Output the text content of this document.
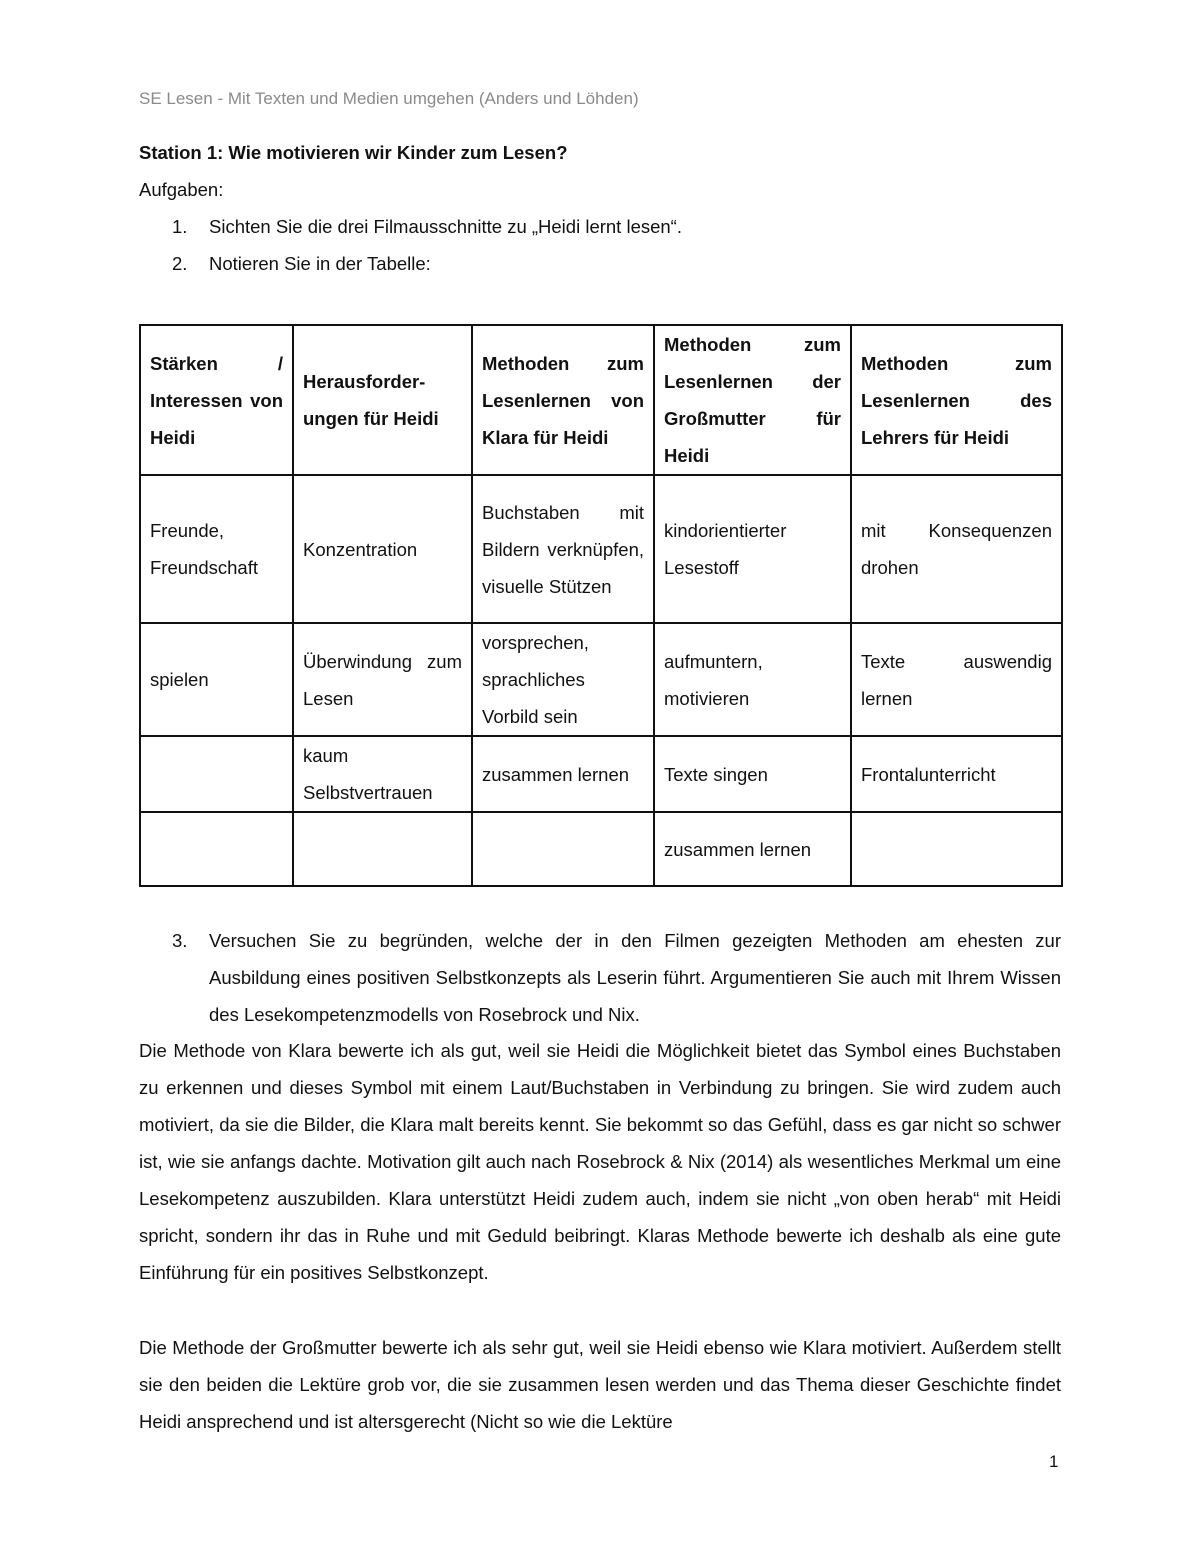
SE Lesen - Mit Texten und Medien umgehen (Anders und Löhden)
Station 1: Wie motivieren wir Kinder zum Lesen?
Aufgaben:
1. Sichten Sie die drei Filmausschnitte zu „Heidi lernt lesen“.
2. Notieren Sie in der Tabelle:
Stärken / Interessen von Heidi	Herausforder-ungen für Heidi	Methoden zum Lesenlernen von Klara für Heidi	Methoden zum Lesenlernen der Großmutter für Heidi	Methoden zum Lesenlernen des Lehrers für Heidi
Freunde, Freundschaft	Konzentration	Buchstaben mit Bildern verknüpfen, visuelle Stützen	kindorientierter Lesestoff	mit Konsequenzen drohen
spielen	Überwindung zum Lesen	vorsprechen, sprachliches Vorbild sein	aufmuntern, motivieren	Texte auswendig lernen
	kaum Selbstvertrauen	zusammen lernen	Texte singen	Frontalunterricht
			zusammen lernen	
3. Versuchen Sie zu begründen, welche der in den Filmen gezeigten Methoden am ehesten zur Ausbildung eines positiven Selbstkonzepts als Leserin führt. Argumentieren Sie auch mit Ihrem Wissen des Lesekompetenzmodells von Rosebrock und Nix.
Die Methode von Klara bewerte ich als gut, weil sie Heidi die Möglichkeit bietet das Symbol eines Buchstaben zu erkennen und dieses Symbol mit einem Laut/Buchstaben in Verbindung zu bringen. Sie wird zudem auch motiviert, da sie die Bilder, die Klara malt bereits kennt. Sie bekommt so das Gefühl, dass es gar nicht so schwer ist, wie sie anfangs dachte. Motivation gilt auch nach Rosebrock & Nix (2014) als wesentliches Merkmal um eine Lesekompetenz auszubilden. Klara unterstützt Heidi zudem auch, indem sie nicht „von oben herab“ mit Heidi spricht, sondern ihr das in Ruhe und mit Geduld beibringt. Klaras Methode bewerte ich deshalb als eine gute Einführung für ein positives Selbstkonzept.
Die Methode der Großmutter bewerte ich als sehr gut, weil sie Heidi ebenso wie Klara motiviert. Außerdem stellt sie den beiden die Lektüre grob vor, die sie zusammen lesen werden und das Thema dieser Geschichte findet Heidi ansprechend und ist altersgerecht (Nicht so wie die Lektüre
1
